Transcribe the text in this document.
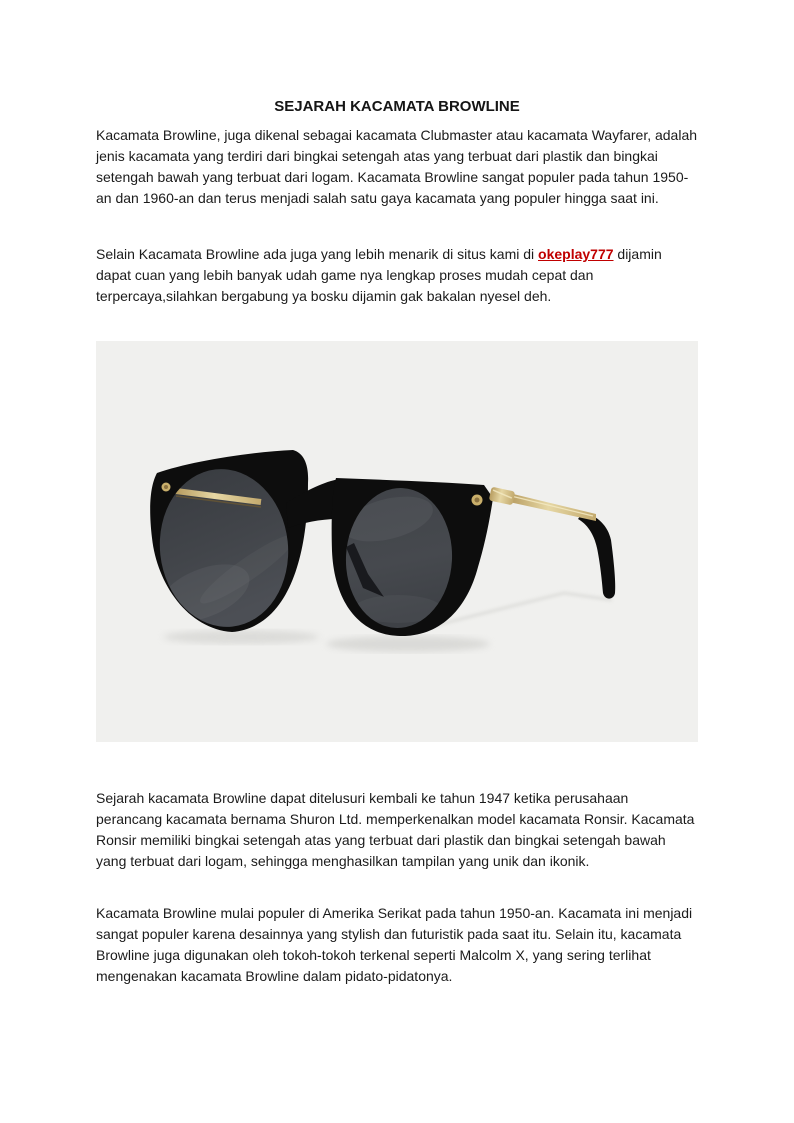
SEJARAH KACAMATA BROWLINE

Kacamata Browline, juga dikenal sebagai kacamata Clubmaster atau kacamata Wayfarer, adalah jenis kacamata yang terdiri dari bingkai setengah atas yang terbuat dari plastik dan bingkai setengah bawah yang terbuat dari logam. Kacamata Browline sangat populer pada tahun 1950-an dan 1960-an dan terus menjadi salah satu gaya kacamata yang populer hingga saat ini.

Selain Kacamata Browline ada juga yang lebih menarik di situs kami di okeplay777 dijamin dapat cuan yang lebih banyak udah game nya lengkap proses mudah cepat dan terpercaya,silahkan bergabung ya bosku dijamin gak bakalan nyesel deh.

Sejarah kacamata Browline dapat ditelusuri kembali ke tahun 1947 ketika perusahaan perancang kacamata bernama Shuron Ltd. memperkenalkan model kacamata Ronsir. Kacamata Ronsir memiliki bingkai setengah atas yang terbuat dari plastik dan bingkai setengah bawah yang terbuat dari logam, sehingga menghasilkan tampilan yang unik dan ikonik.

Kacamata Browline mulai populer di Amerika Serikat pada tahun 1950-an. Kacamata ini menjadi sangat populer karena desainnya yang stylish dan futuristik pada saat itu. Selain itu, kacamata Browline juga digunakan oleh tokoh-tokoh terkenal seperti Malcolm X, yang sering terlihat mengenakan kacamata Browline dalam pidato-pidatonya.
